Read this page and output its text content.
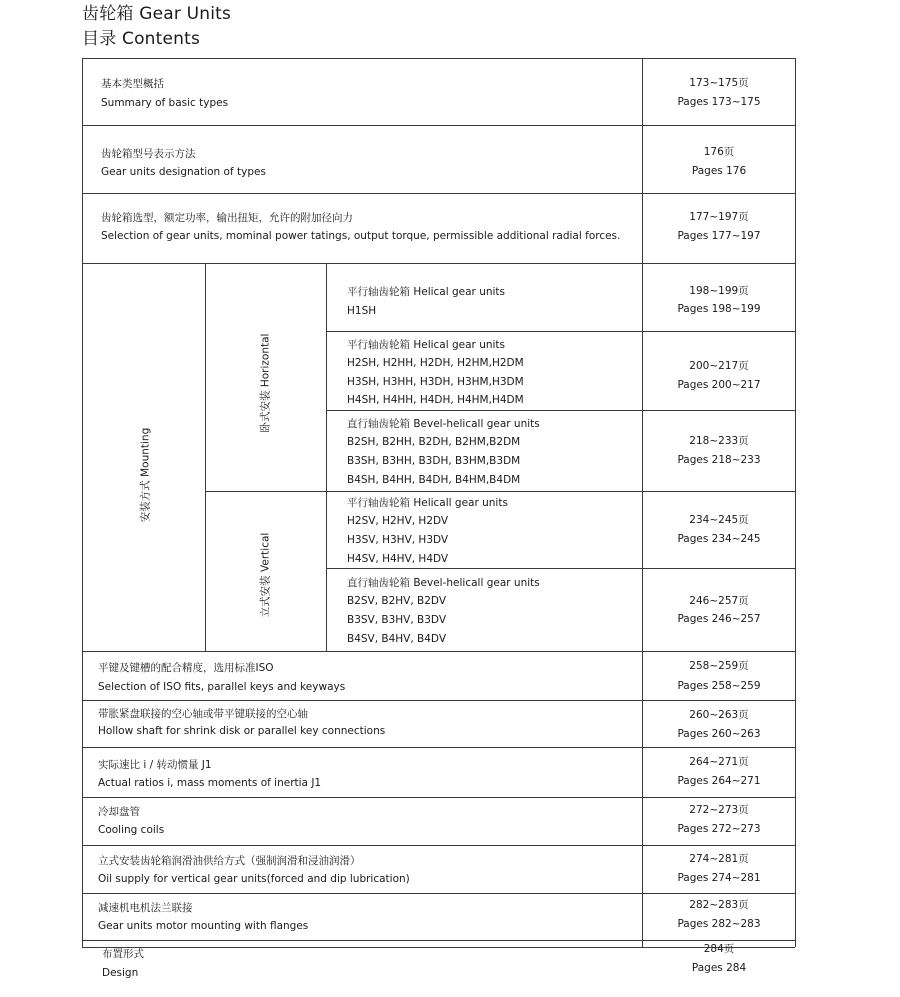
齿轮箱 Gear Units
目录 Contents
安装方式 Mounting
卧式安装 Horizontal
立式安装 Vertical
基本类型概括
Summary of basic types
173~175页
Pages 173~175
齿轮箱型号表示方法
Gear units designation of types
176页
Pages 176
齿轮箱选型，额定功率，输出扭矩，允许的附加径向力
Selection of gear units, mominal power tatings, output torque, permissible additional radial forces.
177~197页
Pages 177~197
平行轴齿轮箱 Helical gear units
H1SH
198~199页
Pages 198~199
平行轴齿轮箱 Helical gear units
H2SH, H2HH, H2DH, H2HM,H2DM
H3SH, H3HH, H3DH, H3HM,H3DM
H4SH, H4HH, H4DH, H4HM,H4DM
200~217页
Pages 200~217
直行轴齿轮箱 Bevel-helicall gear units
B2SH, B2HH, B2DH, B2HM,B2DM
B3SH, B3HH, B3DH, B3HM,B3DM
B4SH, B4HH, B4DH, B4HM,B4DM
218~233页
Pages 218~233
平行轴齿轮箱 Helicall gear units
H2SV, H2HV, H2DV
H3SV, H3HV, H3DV
H4SV, H4HV, H4DV
234~245页
Pages 234~245
直行轴齿轮箱 Bevel-helicall gear units
B2SV, B2HV, B2DV
B3SV, B3HV, B3DV
B4SV, B4HV, B4DV
246~257页
Pages 246~257
平键及键槽的配合精度，选用标准ISO
Selection of ISO fits, parallel keys and keyways
258~259页
Pages 258~259
带胀紧盘联接的空心轴或带平键联接的空心轴
Hollow shaft for shrink disk or parallel key connections
260~263页
Pages 260~263
实际速比 i / 转动惯量 J1
Actual ratios i, mass moments of inertia J1
264~271页
Pages 264~271
冷却盘管
Cooling coils
272~273页
Pages 272~273
立式安装齿轮箱润滑油供给方式（强制润滑和浸油润滑）
Oil supply for vertical gear units(forced and dip lubrication)
274~281页
Pages 274~281
减速机电机法兰联接
Gear units motor mounting with flanges
282~283页
Pages 282~283
布置形式
Design
284页
Pages 284
